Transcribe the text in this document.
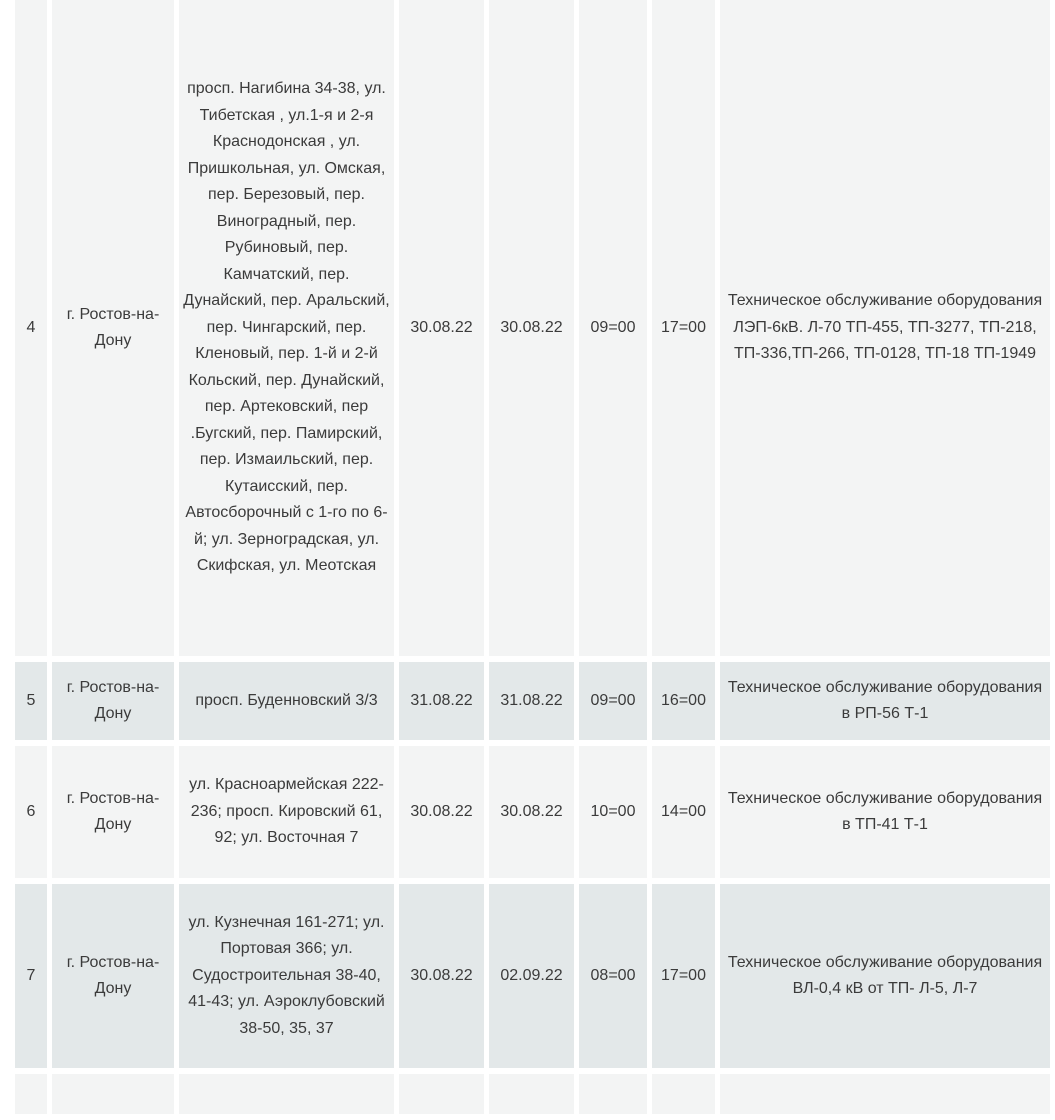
4	г. Ростов-на-Дону	просп. Нагибина 34-38, ул. Тибетская , ул.1-я и 2-я Краснодонская , ул. Пришкольная, ул. Омская, пер. Березовый, пер. Виноградный, пер. Рубиновый, пер. Камчатский, пер. Дунайский, пер. Аральский, пер. Чингарский, пер. Кленовый, пер. 1-й и 2-й Кольский, пер. Дунайский, пер. Артековский, пер .Бугский, пер. Памирский, пер. Измаильский, пер. Кутаисский, пер. Автосборочный с 1-го по 6-й; ул. Зерноградская, ул. Скифская, ул. Меотская	30.08.22	30.08.22	09=00	17=00	Техническое обслуживание оборудования ЛЭП-6кВ. Л-70 ТП-455, ТП-3277, ТП-218, ТП-336,ТП-266, ТП-0128, ТП-18 ТП-1949
5	г. Ростов-на-Дону	просп. Буденновский 3/3	31.08.22	31.08.22	09=00	16=00	Техническое обслуживание оборудования в РП-56 Т-1
6	г. Ростов-на-Дону	ул. Красноармейская 222-236; просп. Кировский 61, 92; ул. Восточная 7	30.08.22	30.08.22	10=00	14=00	Техническое обслуживание оборудования в ТП-41 Т-1
7	г. Ростов-на-Дону	ул. Кузнечная 161-271; ул. Портовая 366; ул. Судостроительная 38-40, 41-43; ул. Аэроклубовский 38-50, 35, 37	30.08.22	02.09.22	08=00	17=00	Техническое обслуживание оборудования ВЛ-0,4 кВ от ТП- Л-5, Л-7
